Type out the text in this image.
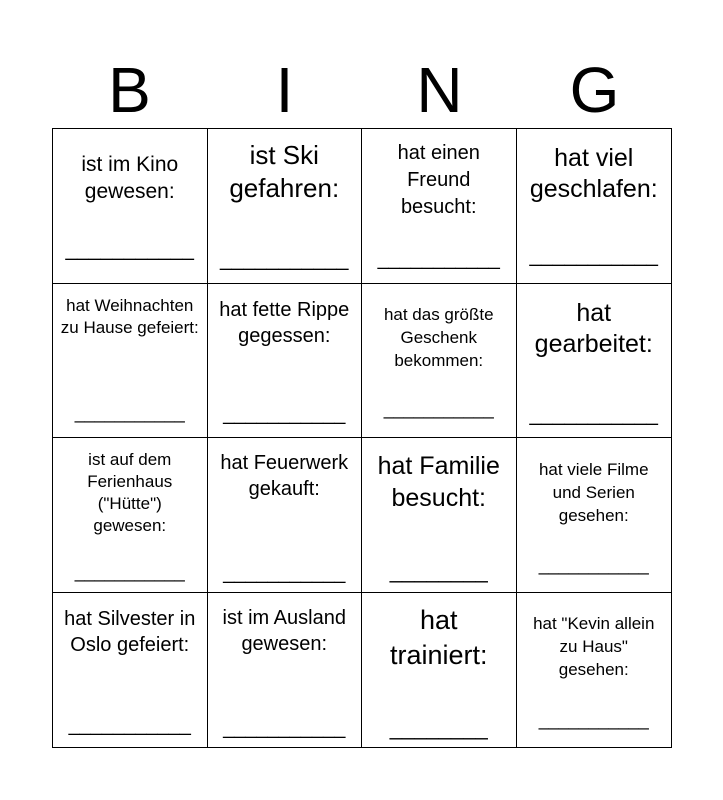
B	I	N	G
ist im Kino gewesen:
___________
ist Ski gefahren:
___________
hat einen Freund besucht:
___________
hat viel geschlafen:
___________
hat Weihnachten zu Hause gefeiert:
___________
hat fette Rippe gegessen:
___________
hat das größte Geschenk bekommen:
___________
hat gearbeitet:
___________
ist auf dem Ferienhaus ("Hütte") gewesen:
___________
hat Feuerwerk gekauft:
___________
hat Familie besucht:
________
hat viele Filme und Serien gesehen:
___________
hat Silvester in Oslo gefeiert:
___________
ist im Ausland gewesen:
___________
hat trainiert:
________
hat "Kevin allein zu Haus" gesehen:
___________
